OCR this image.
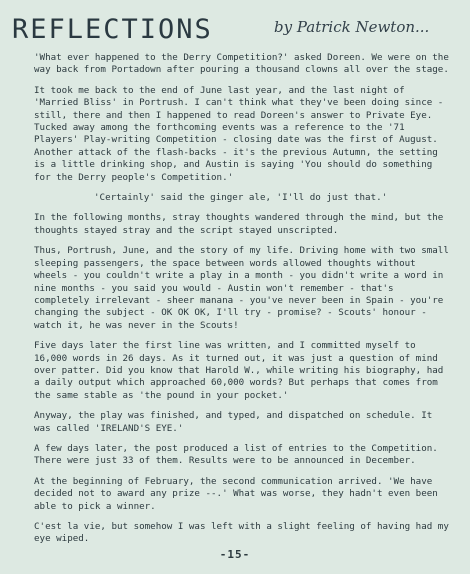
REFLECTIONS	by Patrick Newton...

'What ever happened to the Derry Competition?' asked Doreen. We were on the way back from Portadown after pouring a thousand clowns all over the stage.

It took me back to the end of June last year, and the last night of 'Married Bliss' in Portrush. I can't think what they've been doing since - still, there and then I happened to read Doreen's answer to Private Eye. Tucked away among the forthcoming events was a reference to the '71 Players' Play-writing Competition - closing date was the first of August. Another attack of the flash-backs - it's the previous Autumn, the setting is a little drinking shop, and Austin is saying 'You should do something for the Derry people's Competition.'

'Certainly' said the ginger ale, 'I'll do just that.'

In the following months, stray thoughts wandered through the mind, but the thoughts stayed stray and the script stayed unscripted.

Thus, Portrush, June, and the story of my life. Driving home with two small sleeping passengers, the space between words allowed thoughts without wheels - you couldn't write a play in a month - you didn't write a word in nine months - you said you would - Austin won't remember - that's completely irrelevant - sheer manana - you've never been in Spain - you're changing the subject - OK OK OK, I'll try - promise? - Scouts' honour - watch it, he was never in the Scouts!

Five days later the first line was written, and I committed myself to 16,000 words in 26 days. As it turned out, it was just a question of mind over patter. Did you know that Harold W., while writing his biography, had a daily output which approached 60,000 words? But perhaps that comes from the same stable as 'the pound in your pocket.'

Anyway, the play was finished, and typed, and dispatched on schedule. It was called 'IRELAND'S EYE.'

A few days later, the post produced a list of entries to the Competition. There were just 33 of them. Results were to be announced in December.

At the beginning of February, the second communication arrived. 'We have decided not to award any prize --.' What was worse, they hadn't even been able to pick a winner.

C'est la vie, but somehow I was left with a slight feeling of having had my eye wiped.

-15-
